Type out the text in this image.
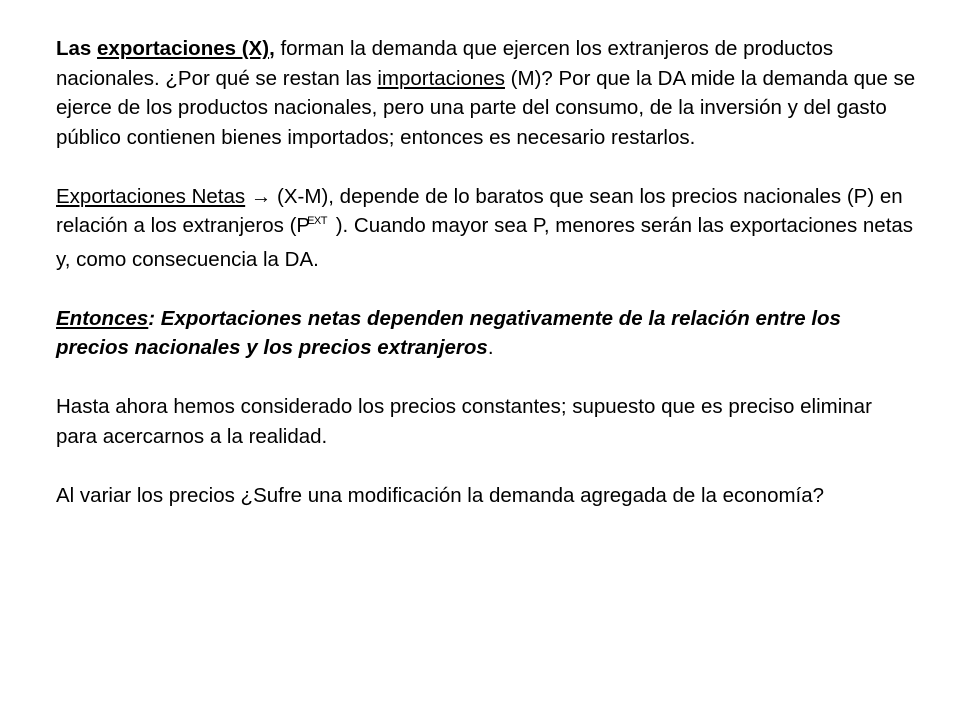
Las exportaciones (X), forman la demanda que ejercen los extranjeros de productos nacionales. ¿Por qué se restan las importaciones (M)? Por que la DA mide la demanda que se ejerce de los productos nacionales, pero una parte del consumo, de la inversión y del gasto público contienen bienes importados; entonces es necesario restarlos.

Exportaciones Netas → (X-M), depende de lo baratos que sean los precios nacionales (P) en relación a los extranjeros ($P^{EXT}$ ). Cuando mayor sea P, menores serán las exportaciones netas y, como consecuencia la DA.

Entonces: Exportaciones netas dependen negativamente de la relación entre los precios nacionales y los precios extranjeros.

Hasta ahora hemos considerado los precios constantes; supuesto que es preciso eliminar para acercarnos a la realidad.

Al variar los precios ¿Sufre una modificación la demanda agregada de la economía?
